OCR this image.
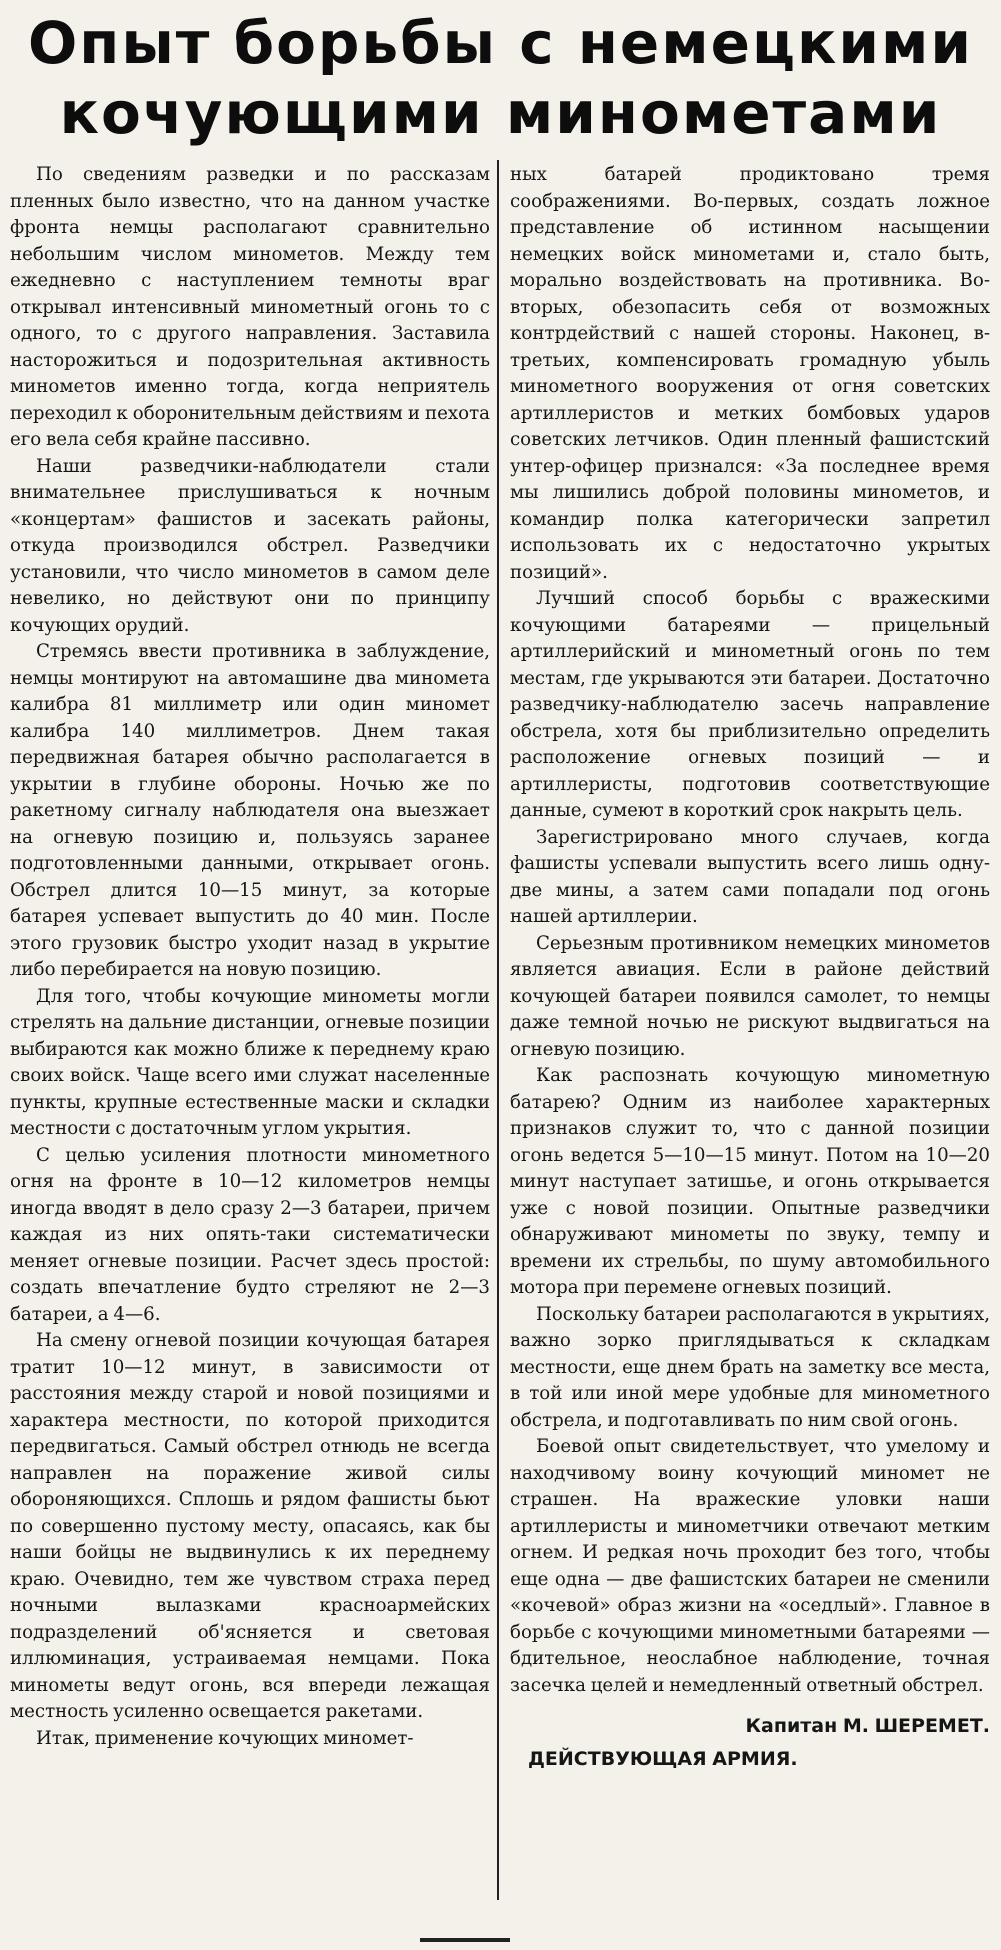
Опыт борьбы с немецкими
кочующими минометами

По сведениям разведки и по рассказам пленных было известно, что на данном участке фронта немцы располагают сравнительно небольшим числом минометов. Между тем ежедневно с наступлением темноты враг открывал интенсивный минометный огонь то с одного, то с другого направления. Заставила насторожиться и подозрительная активность минометов именно тогда, когда неприятель переходил к оборонительным действиям и пехота его вела себя крайне пассивно.

Наши разведчики-наблюдатели стали внимательнее прислушиваться к ночным «концертам» фашистов и засекать районы, откуда производился обстрел. Разведчики установили, что число минометов в самом деле невелико, но действуют они по принципу кочующих орудий.

Стремясь ввести противника в заблуждение, немцы монтируют на автомашине два миномета калибра 81 миллиметр или один миномет калибра 140 миллиметров. Днем такая передвижная батарея обычно располагается в укрытии в глубине обороны. Ночью же по ракетному сигналу наблюдателя она выезжает на огневую позицию и, пользуясь заранее подготовленными данными, открывает огонь. Обстрел длится 10—15 минут, за которые батарея успевает выпустить до 40 мин. После этого грузовик быстро уходит назад в укрытие либо перебирается на новую позицию.

Для того, чтобы кочующие минометы могли стрелять на дальние дистанции, огневые позиции выбираются как можно ближе к переднему краю своих войск. Чаще всего ими служат населенные пункты, крупные естественные маски и складки местности с достаточным углом укрытия.

С целью усиления плотности минометного огня на фронте в 10—12 километров немцы иногда вводят в дело сразу 2—3 батареи, причем каждая из них опять-таки систематически меняет огневые позиции. Расчет здесь простой: создать впечатление будто стреляют не 2—3 батареи, а 4—6.

На смену огневой позиции кочующая батарея тратит 10—12 минут, в зависимости от расстояния между старой и новой позициями и характера местности, по которой приходится передвигаться. Самый обстрел отнюдь не всегда направлен на поражение живой силы обороняющихся. Сплошь и рядом фашисты бьют по совершенно пустому месту, опасаясь, как бы наши бойцы не выдвинулись к их переднему краю. Очевидно, тем же чувством страха перед ночными вылазками красноармейских подразделений об'ясняется и световая иллюминация, устраиваемая немцами. Пока минометы ведут огонь, вся впереди лежащая местность усиленно освещается ракетами.

Итак, применение кочующих миномет-

ных батарей продиктовано тремя соображениями. Во-первых, создать ложное представление об истинном насыщении немецких войск минометами и, стало быть, морально воздействовать на противника. Во-вторых, обезопасить себя от возможных контрдействий с нашей стороны. Наконец, в-третьих, компенсировать громадную убыль минометного вооружения от огня советских артиллеристов и метких бомбовых ударов советских летчиков. Один пленный фашистский унтер-офицер признался: «За последнее время мы лишились доброй половины минометов, и командир полка категорически запретил использовать их с недостаточно укрытых позиций».

Лучший способ борьбы с вражескими кочующими батареями — прицельный артиллерийский и минометный огонь по тем местам, где укрываются эти батареи. Достаточно разведчику-наблюдателю засечь направление обстрела, хотя бы приблизительно определить расположение огневых позиций — и артиллеристы, подготовив соответствующие данные, сумеют в короткий срок накрыть цель.

Зарегистрировано много случаев, когда фашисты успевали выпустить всего лишь одну-две мины, а затем сами попадали под огонь нашей артиллерии.

Серьезным противником немецких минометов является авиация. Если в районе действий кочующей батареи появился самолет, то немцы даже темной ночью не рискуют выдвигаться на огневую позицию.

Как распознать кочующую минометную батарею? Одним из наиболее характерных признаков служит то, что с данной позиции огонь ведется 5—10—15 минут. Потом на 10—20 минут наступает затишье, и огонь открывается уже с новой позиции. Опытные разведчики обнаруживают минометы по звуку, темпу и времени их стрельбы, по шуму автомобильного мотора при перемене огневых позиций.

Поскольку батареи располагаются в укрытиях, важно зорко приглядываться к складкам местности, еще днем брать на заметку все места, в той или иной мере удобные для минометного обстрела, и подготавливать по ним свой огонь.

Боевой опыт свидетельствует, что умелому и находчивому воину кочующий миномет не страшен. На вражеские уловки наши артиллеристы и минометчики отвечают метким огнем. И редкая ночь проходит без того, чтобы еще одна — две фашистских батареи не сменили «кочевой» образ жизни на «оседлый». Главное в борьбе с кочующими минометными батареями — бдительное, неослабное наблюдение, точная засечка целей и немедленный ответный обстрел.

Капитан М. ШЕРЕМЕТ.
ДЕЙСТВУЮЩАЯ АРМИЯ.
